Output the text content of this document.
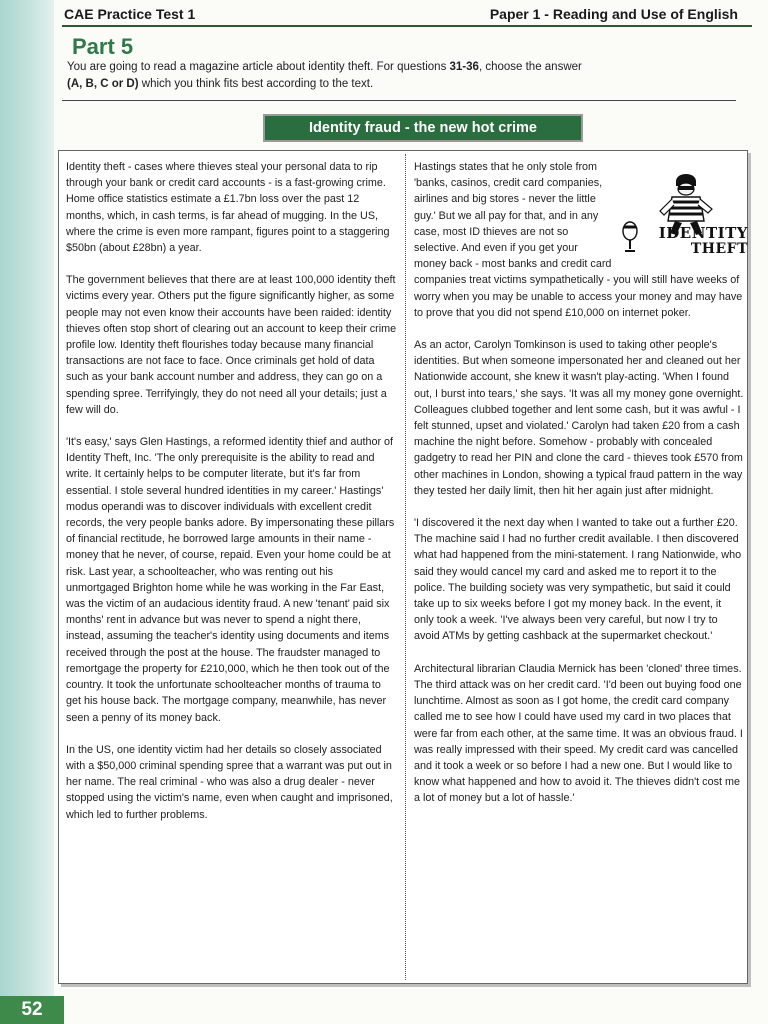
CAE Practice Test 1	Paper 1 - Reading and Use of English
Part 5
You are going to read a magazine article about identity theft. For questions 31-36, choose the answer
(A, B, C or D) which you think fits best according to the text.
Identity fraud - the new hot crime

Identity theft - cases where thieves steal your personal data to rip through your bank or credit card accounts - is a fast-growing crime. Home office statistics estimate a £1.7bn loss over the past 12 months, which, in cash terms, is far ahead of mugging. In the US, where the crime is even more rampant, figures point to a staggering $50bn (about £28bn) a year.

The government believes that there are at least 100,000 identity theft victims every year. Others put the figure significantly higher, as some people may not even know their accounts have been raided: identity thieves often stop short of clearing out an account to keep their crime profile low. Identity theft flourishes today because many financial transactions are not face to face. Once criminals get hold of data such as your bank account number and address, they can go on a spending spree. Terrifyingly, they do not need all your details; just a few will do.

'It's easy,' says Glen Hastings, a reformed identity thief and author of Identity Theft, Inc. 'The only prerequisite is the ability to read and write. It certainly helps to be computer literate, but it's far from essential. I stole several hundred identities in my career.' Hastings' modus operandi was to discover individuals with excellent credit records, the very people banks adore. By impersonating these pillars of financial rectitude, he borrowed large amounts in their name - money that he never, of course, repaid. Even your home could be at risk. Last year, a schoolteacher, who was renting out his unmortgaged Brighton home while he was working in the Far East, was the victim of an audacious identity fraud. A new 'tenant' paid six months' rent in advance but was never to spend a night there, instead, assuming the teacher's identity using documents and items received through the post at the house. The fraudster managed to remortgage the property for £210,000, which he then took out of the country. It took the unfortunate schoolteacher months of trauma to get his house back. The mortgage company, meanwhile, has never seen a penny of its money back.

In the US, one identity victim had her details so closely associated with a $50,000 criminal spending spree that a warrant was put out in her name. The real criminal - who was also a drug dealer - never stopped using the victim's name, even when caught and imprisoned, which led to further problems.

IDENTITY
THEFT

Hastings states that he only stole from 'banks, casinos, credit card companies, airlines and big stores - never the little guy.' But we all pay for that, and in any case, most ID thieves are not so selective. And even if you get your money back - most banks and credit card companies treat victims sympathetically - you will still have weeks of worry when you may be unable to access your money and may have to prove that you did not spend £10,000 on internet poker.

As an actor, Carolyn Tomkinson is used to taking other people's identities. But when someone impersonated her and cleaned out her Nationwide account, she knew it wasn't play-acting. 'When I found out, I burst into tears,' she says. 'It was all my money gone overnight. Colleagues clubbed together and lent some cash, but it was awful - I felt stunned, upset and violated.' Carolyn had taken £20 from a cash machine the night before. Somehow - probably with concealed gadgetry to read her PIN and clone the card - thieves took £570 from other machines in London, showing a typical fraud pattern in the way they tested her daily limit, then hit her again just after midnight.

'I discovered it the next day when I wanted to take out a further £20. The machine said I had no further credit available. I then discovered what had happened from the mini-statement. I rang Nationwide, who said they would cancel my card and asked me to report it to the police. The building society was very sympathetic, but said it could take up to six weeks before I got my money back. In the event, it only took a week. 'I've always been very careful, but now I try to avoid ATMs by getting cashback at the supermarket checkout.'

Architectural librarian Claudia Mernick has been 'cloned' three times. The third attack was on her credit card. 'I'd been out buying food one lunchtime. Almost as soon as I got home, the credit card company called me to see how I could have used my card in two places that were far from each other, at the same time. It was an obvious fraud. I was really impressed with their speed. My credit card was cancelled and it took a week or so before I had a new one. But I would like to know what happened and how to avoid it. The thieves didn't cost me a lot of money but a lot of hassle.'

52
